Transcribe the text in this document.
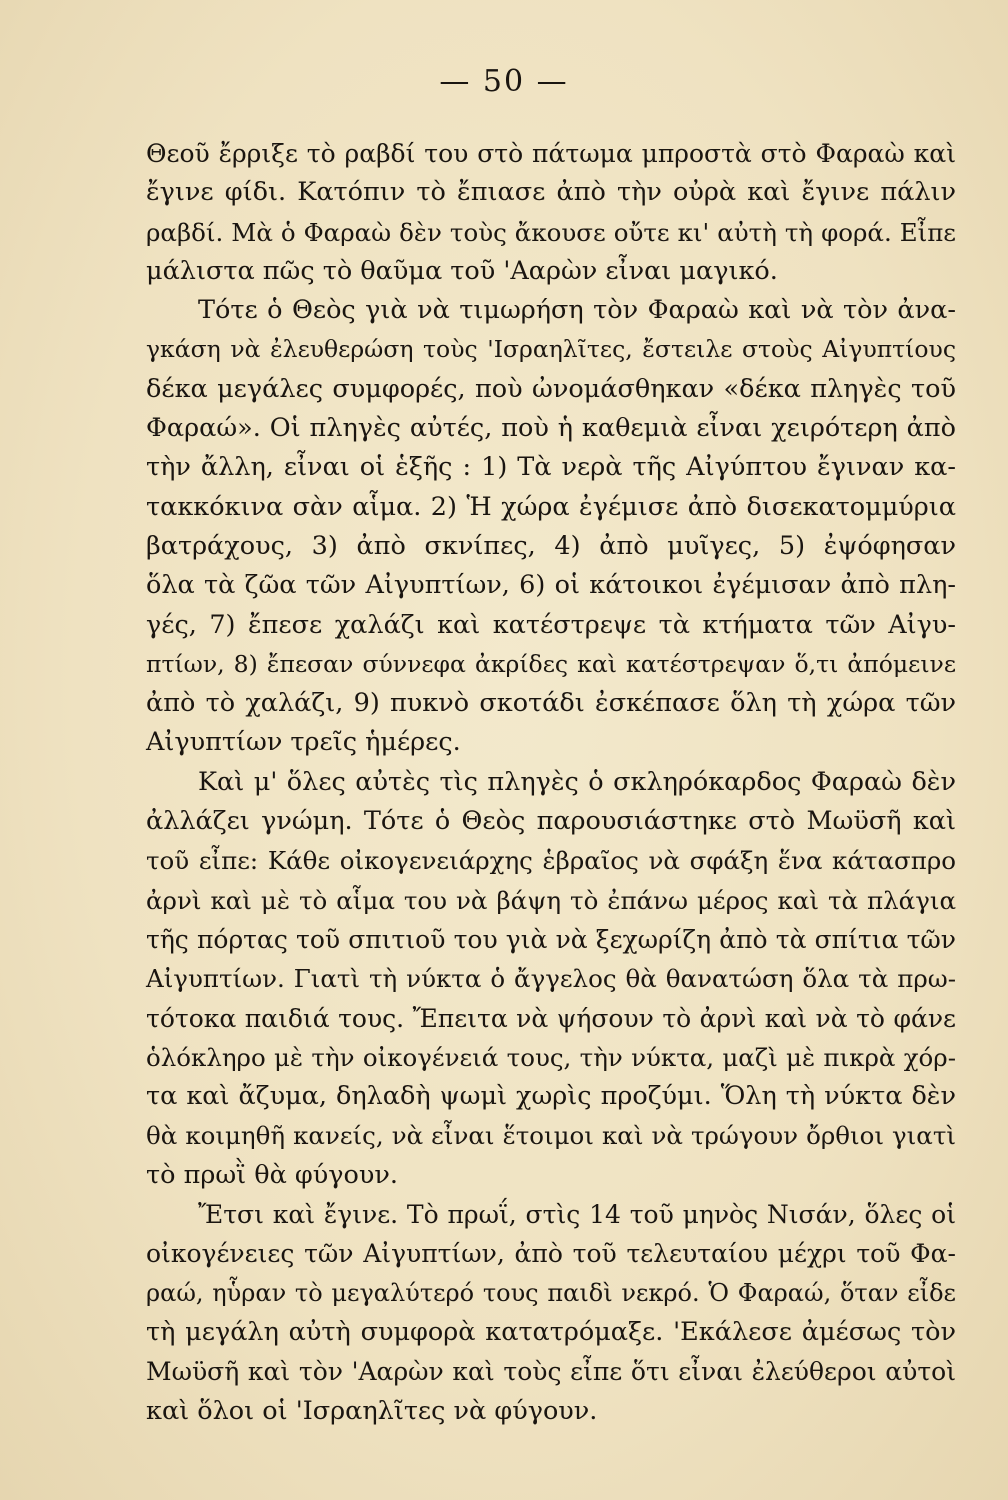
— 50 —

Θεοῦ ἔρριξε τὸ ραβδί του στὸ πάτωμα μπροστὰ στὸ Φαραὼ καὶ
ἔγινε φίδι. Κατόπιν τὸ ἔπιασε ἀπὸ τὴν οὐρὰ καὶ ἔγινε πάλιν
ραβδί. Μὰ ὁ Φαραὼ δὲν τοὺς ἄκουσε οὔτε κι' αὐτὴ τὴ φορά. Εἶπε
μάλιστα πῶς τὸ θαῦμα τοῦ 'Ααρὼν εἶναι μαγικό.

Τότε ὁ Θεὸς γιὰ νὰ τιμωρήση τὸν Φαραὼ καὶ νὰ τὸν ἀνα-
γκάση νὰ ἐλευθερώση τοὺς 'Ισραηλῖτες, ἔστειλε στοὺς Αἰγυπτίους
δέκα μεγάλες συμφορές, ποὺ ὠνομάσθηκαν «δέκα πληγὲς τοῦ
Φαραώ». Οἱ πληγὲς αὐτές, ποὺ ἡ καθεμιὰ εἶναι χειρότερη ἀπὸ
τὴν ἄλλη, εἶναι οἱ ἑξῆς : 1) Τὰ νερὰ τῆς Αἰγύπτου ἔγιναν κα-
τακκόκινα σὰν αἷμα. 2) Ἡ χώρα ἐγέμισε ἀπὸ δισεκατομμύρια
βατράχους, 3) ἀπὸ σκνίπες, 4) ἀπὸ μυῖγες, 5) ἐψόφησαν
ὅλα τὰ ζῶα τῶν Αἰγυπτίων, 6) οἱ κάτοικοι ἐγέμισαν ἀπὸ πλη-
γές, 7) ἔπεσε χαλάζι καὶ κατέστρεψε τὰ κτήματα τῶν Αἰγυ-
πτίων, 8) ἔπεσαν σύννεφα ἀκρίδες καὶ κατέστρεψαν ὅ,τι ἀπόμεινε
ἀπὸ τὸ χαλάζι, 9) πυκνὸ σκοτάδι ἐσκέπασε ὅλη τὴ χώρα τῶν
Αἰγυπτίων τρεῖς ἡμέρες.

Καὶ μ' ὅλες αὐτὲς τὶς πληγὲς ὁ σκληρόκαρδος Φαραὼ δὲν
ἀλλάζει γνώμη. Τότε ὁ Θεὸς παρουσιάστηκε στὸ Μωϋσῆ καὶ
τοῦ εἶπε: Κάθε οἰκογενειάρχης ἑβραῖος νὰ σφάξη ἕνα κάτασπρο
ἀρνὶ καὶ μὲ τὸ αἷμα του νὰ βάψη τὸ ἐπάνω μέρος καὶ τὰ πλάγια
τῆς πόρτας τοῦ σπιτιοῦ του γιὰ νὰ ξεχωρίζη ἀπὸ τὰ σπίτια τῶν
Αἰγυπτίων. Γιατὶ τὴ νύκτα ὁ ἄγγελος θὰ θανατώση ὅλα τὰ πρω-
τότοκα παιδιά τους. Ἔπειτα νὰ ψήσουν τὸ ἀρνὶ καὶ νὰ τὸ φάνε
ὁλόκληρο μὲ τὴν οἰκογένειά τους, τὴν νύκτα, μαζὶ μὲ πικρὰ χόρ-
τα καὶ ἄζυμα, δηλαδὴ ψωμὶ χωρὶς προζύμι. Ὅλη τὴ νύκτα δὲν
θὰ κοιμηθῆ κανείς, νὰ εἶναι ἕτοιμοι καὶ νὰ τρώγουν ὄρθιοι γιατὶ
τὸ πρωῒ θὰ φύγουν.

Ἔτσι καὶ ἔγινε. Τὸ πρωΐ, στὶς 14 τοῦ μηνὸς Νισάν, ὅλες οἱ
οἰκογένειες τῶν Αἰγυπτίων, ἀπὸ τοῦ τελευταίου μέχρι τοῦ Φα-
ραώ, ηὗραν τὸ μεγαλύτερό τους παιδὶ νεκρό. Ὁ Φαραώ, ὅταν εἶδε
τὴ μεγάλη αὐτὴ συμφορὰ κατατρόμαξε. 'Εκάλεσε ἀμέσως τὸν
Μωϋσῆ καὶ τὸν 'Ααρὼν καὶ τοὺς εἶπε ὅτι εἶναι ἐλεύθεροι αὐτοὶ
καὶ ὅλοι οἱ 'Ισραηλῖτες νὰ φύγουν.
